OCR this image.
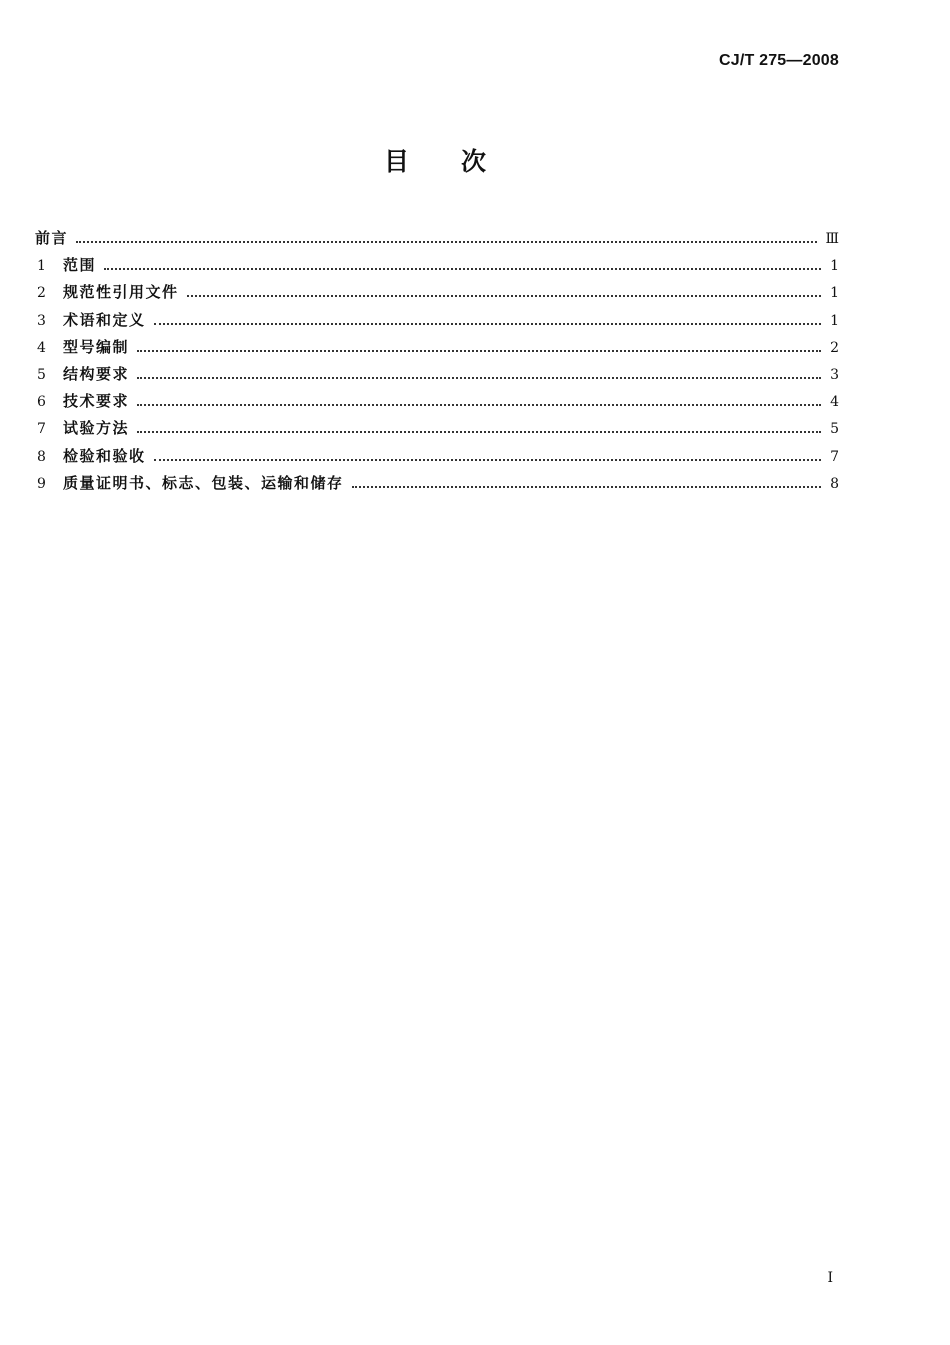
CJ/T 275—2008
目 次
前言	Ⅲ
1	范围	1
2	规范性引用文件	1
3	术语和定义	1
4	型号编制	2
5	结构要求	3
6	技术要求	4
7	试验方法	5
8	检验和验收	7
9	质量证明书、标志、包装、运输和储存	8
I
